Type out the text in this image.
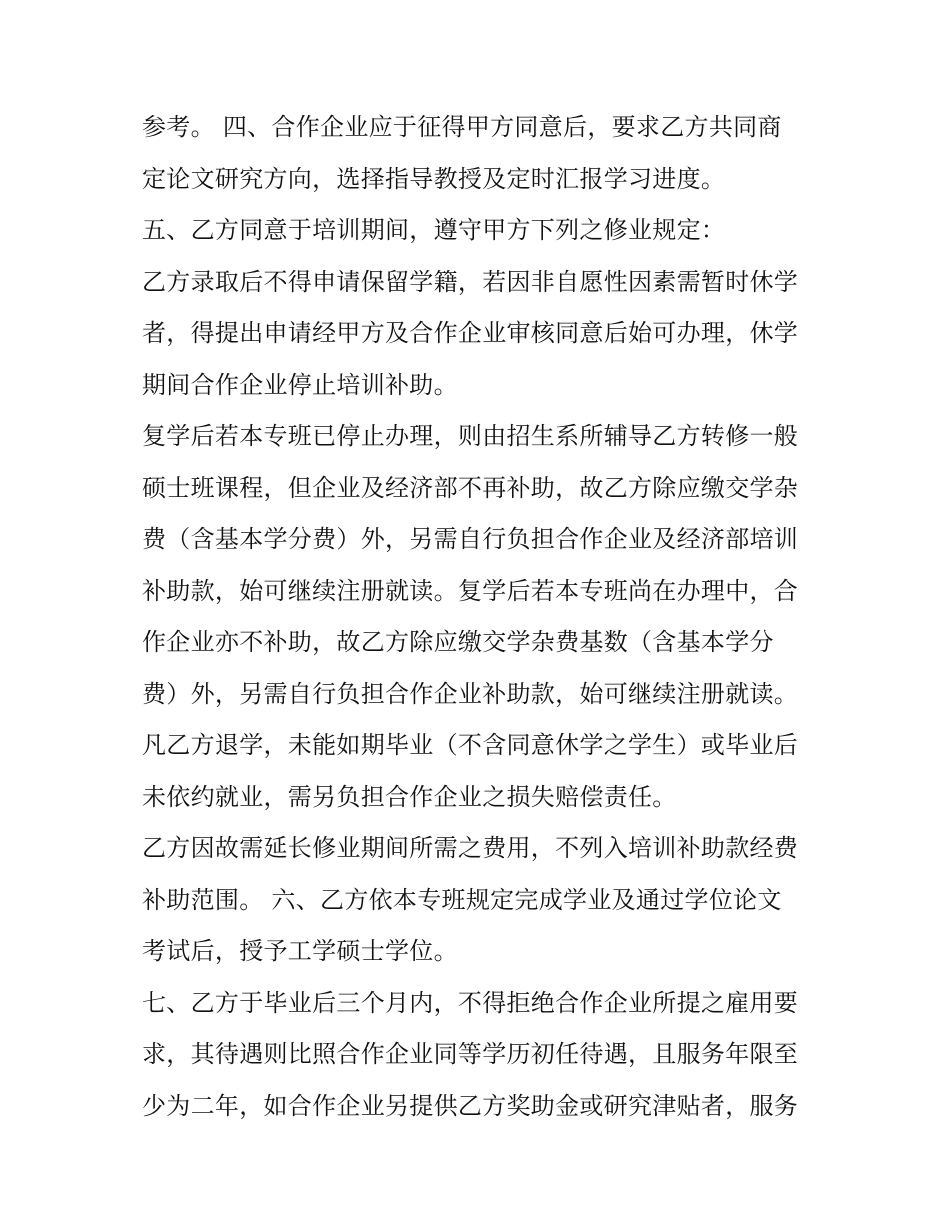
参考。 四、合作企业应于征得甲方同意后，要求乙方共同商
定论文研究方向，选择指导教授及定时汇报学习进度。
五、乙方同意于培训期间，遵守甲方下列之修业规定：
乙方录取后不得申请保留学籍，若因非自愿性因素需暂时休学
者，得提出申请经甲方及合作企业审核同意后始可办理，休学
期间合作企业停止培训补助。
复学后若本专班已停止办理，则由招生系所辅导乙方转修一般
硕士班课程，但企业及经济部不再补助，故乙方除应缴交学杂
费（含基本学分费）外，另需自行负担合作企业及经济部培训
补助款，始可继续注册就读。复学后若本专班尚在办理中，合
作企业亦不补助，故乙方除应缴交学杂费基数（含基本学分
费）外，另需自行负担合作企业补助款，始可继续注册就读。
凡乙方退学，未能如期毕业（不含同意休学之学生）或毕业后
未依约就业，需另负担合作企业之损失赔偿责任。
乙方因故需延长修业期间所需之费用，不列入培训补助款经费
补助范围。 六、乙方依本专班规定完成学业及通过学位论文
考试后，授予工学硕士学位。
七、乙方于毕业后三个月内，不得拒绝合作企业所提之雇用要
求，其待遇则比照合作企业同等学历初任待遇，且服务年限至
少为二年，如合作企业另提供乙方奖助金或研究津贴者，服务
